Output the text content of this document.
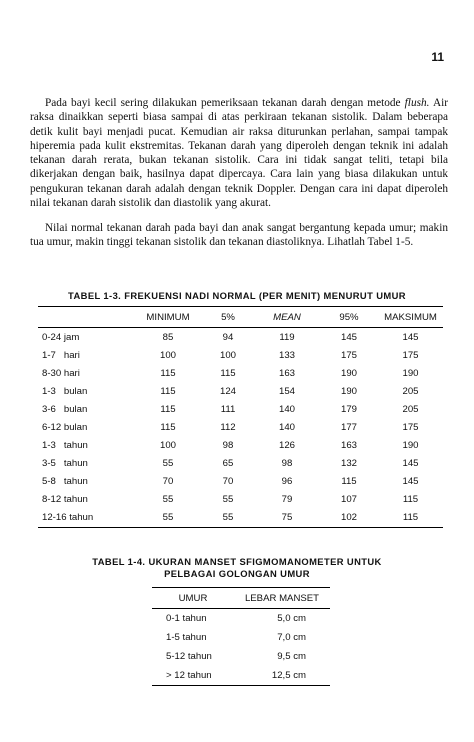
11

Pada bayi kecil sering dilakukan pemeriksaan tekanan darah dengan metode flush. Air raksa dinaikkan seperti biasa sampai di atas perkiraan tekanan sistolik. Dalam beberapa detik kulit bayi menjadi pucat. Kemudian air raksa diturunkan perlahan, sampai tampak hiperemia pada kulit ekstremitas. Tekanan darah yang diperoleh dengan teknik ini adalah tekanan darah rerata, bukan tekanan sistolik. Cara ini tidak sangat teliti, tetapi bila dikerjakan dengan baik, hasilnya dapat dipercaya. Cara lain yang biasa dilakukan untuk pengukuran tekanan darah adalah dengan teknik Doppler. Dengan cara ini dapat diperoleh nilai tekanan darah sistolik dan diastolik yang akurat.

Nilai normal tekanan darah pada bayi dan anak sangat bergantung kepada umur; makin tua umur, makin tinggi tekanan sistolik dan tekanan diastoliknya. Lihatlah Tabel 1-5.

TABEL 1-3. FREKUENSI NADI NORMAL (PER MENIT) MENURUT UMUR
	MINIMUM	5%	MEAN	95%	MAKSIMUM
0-24 jam	85	94	119	145	145
1-7   hari	100	100	133	175	175
8-30 hari	115	115	163	190	190
1-3   bulan	115	124	154	190	205
3-6   bulan	115	111	140	179	205
6-12 bulan	115	112	140	177	175
1-3   tahun	100	98	126	163	190
3-5   tahun	55	65	98	132	145
5-8   tahun	70	70	96	115	145
8-12 tahun	55	55	79	107	115
12-16 tahun	55	55	75	102	115
TABEL 1-4. UKURAN MANSET SFIGMOMANOMETER UNTUK
PELBAGAI GOLONGAN UMUR
UMUR	LEBAR MANSET
0-1 tahun	5,0 cm
1-5 tahun	7,0 cm
5-12 tahun	9,5 cm
> 12 tahun	12,5 cm
